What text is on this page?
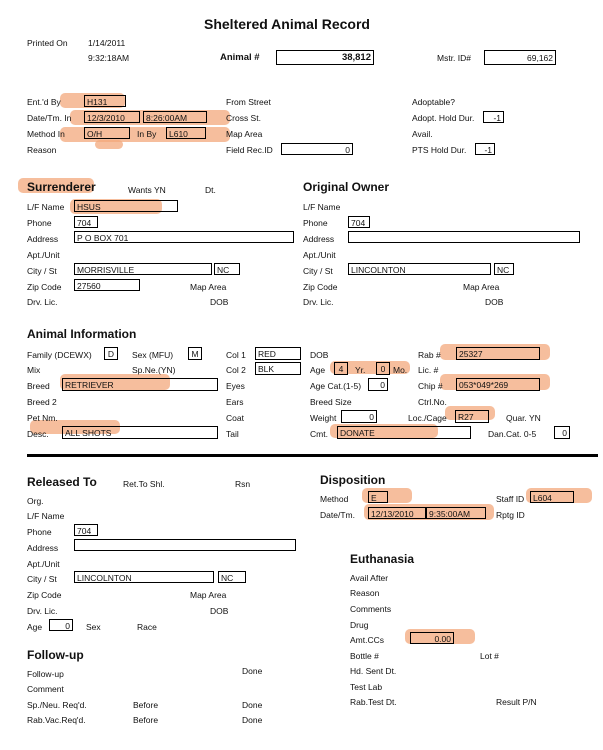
Sheltered Animal Record
Printed On 1/14/2011
9:32:18AM	Animal #	38,812	Mstr. ID#	69,162
Ent.'d By	H131
Date/Tm. In	12/3/2010	8:26:00AM
Method In	O/H	In By	L610
Reason
From Street
Cross St.
Map Area
Field Rec.ID	0
Adoptable?
Adopt. Hold Dur.	-1
Avail.
PTS Hold Dur.	-1
Surrenderer	Wants YN	Dt.
L/F Name	HSUS
Phone	704
Address	P O BOX 701
Apt./Unit
City / St	MORRISVILLE	NC
Zip Code	27560	Map Area
Drv. Lic.	DOB
Original Owner
L/F Name
Phone	704
Address
Apt./Unit
City / St	LINCOLNTON	NC
Zip Code	Map Area
Drv. Lic.	DOB
Animal Information
Family (DCEWX)	D	Sex (MFU)	M
Mix	Sp.Ne.(YN)
Breed	RETRIEVER
Breed 2
Pet Nm.
Desc.	ALL SHOTS
Col 1	RED
Col 2	BLK
Eyes
Ears
Coat
Tail
DOB
Age	4	Yr.	0 Mo.
Age Cat.(1-5)	0
Breed Size
Weight	0
Cmt.	DONATE
Rab #	25327
Lic. #
Chip #	053*049*269
Ctrl.No.
Loc./Cage	R27	Quar. YN
Dan.Cat. 0-5	0
Released To	Ret.To Shl.	Rsn
Org.
L/F Name
Phone	704
Address
Apt./Unit
City / St	LINCOLNTON	NC
Zip Code	Map Area
Drv. Lic.	DOB
Age	0	Sex	Race
Disposition
Method	E	Staff ID	L604
Date/Tm.	12/13/2010	9:35:00AM	Rptg ID
Euthanasia
Avail After
Reason
Comments
Drug
Amt.CCs	0.00
Bottle #	Lot #
Hd. Sent Dt.
Test Lab
Rab.Test Dt.	Result P/N
Follow-up
Follow-up	Done
Comment
Sp./Neu. Req'd.	Before	Done
Rab.Vac.Req'd.	Before	Done
